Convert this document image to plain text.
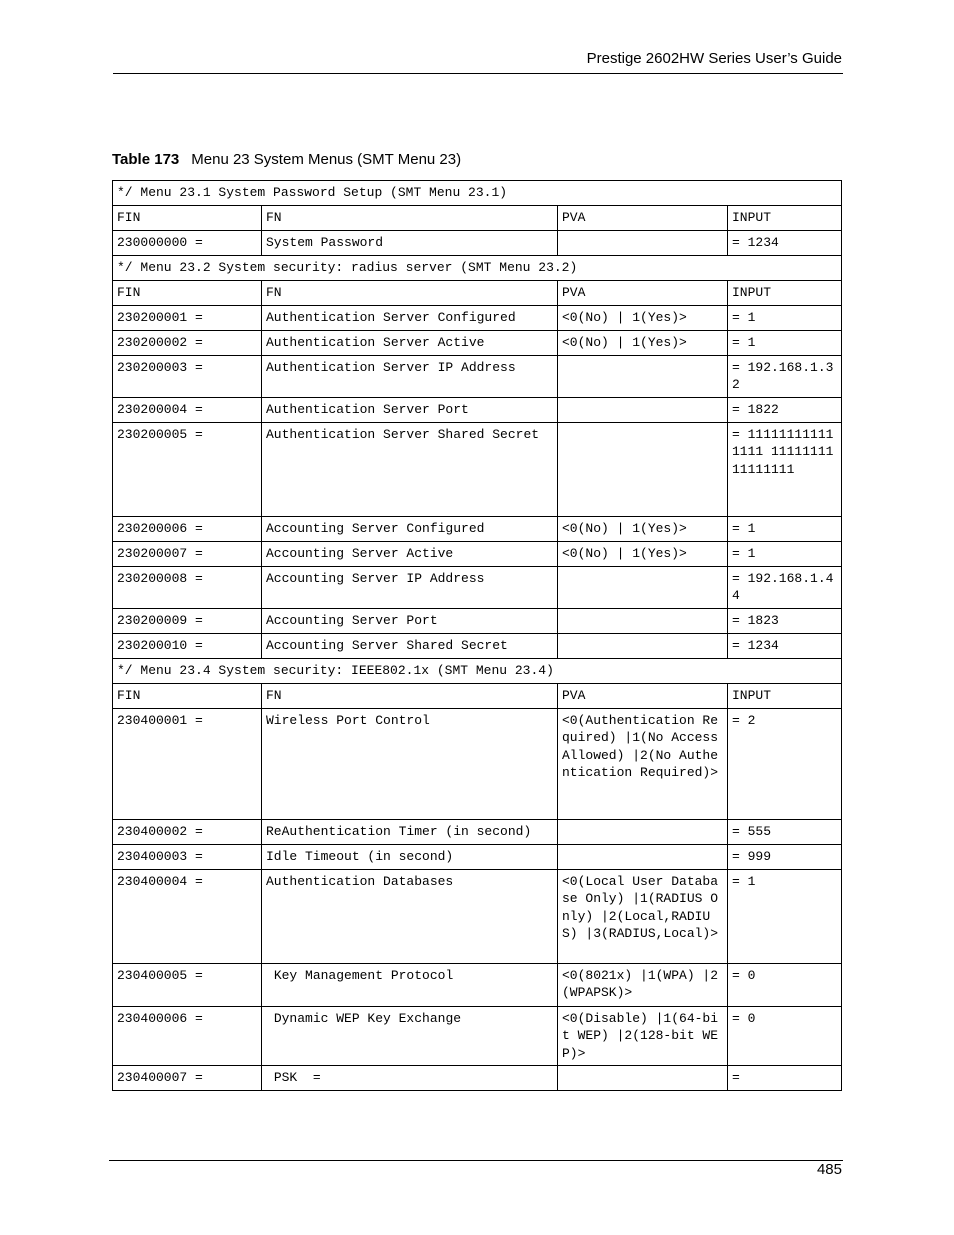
Prestige 2602HW Series User’s Guide
Table 173 Menu 23 System Menus (SMT Menu 23)
*/ Menu 23.1 System Password Setup (SMT Menu 23.1)			
FIN	FN	PVA	INPUT
230000000 =	System Password		= 1234
*/ Menu 23.2 System security: radius server (SMT Menu 23.2)			
FIN	FN	PVA	INPUT
230200001 =	Authentication Server Configured	<0(No) | 1(Yes)>	= 1
230200002 =	Authentication Server Active	<0(No) | 1(Yes)>	= 1
230200003 =	Authentication Server IP Address		= 192.168.1.32
230200004 =	Authentication Server Port		= 1822
230200005 =	Authentication Server Shared Secret		= 111111111111111 1111111111111111
230200006 =	Accounting Server Configured	<0(No) | 1(Yes)>	= 1
230200007 =	Accounting Server Active	<0(No) | 1(Yes)>	= 1
230200008 =	Accounting Server IP Address		= 192.168.1.44
230200009 =	Accounting Server Port		= 1823
230200010 =	Accounting Server Shared Secret		= 1234
*/ Menu 23.4 System security: IEEE802.1x (SMT Menu 23.4)			
FIN	FN	PVA	INPUT
230400001 =	Wireless Port Control	<0(Authentication Required) |1(No Access Allowed) |2(No Authentication Required)>	= 2
230400002 =	ReAuthentication Timer (in second)		= 555
230400003 =	Idle Timeout (in second)		= 999
230400004 =	Authentication Databases	<0(Local User Database Only) |1(RADIUS Only) |2(Local,RADIUS) |3(RADIUS,Local)>	= 1
230400005 =	Key Management Protocol	<0(8021x) |1(WPA) |2(WPAPSK)>	= 0
230400006 =	Dynamic WEP Key Exchange	<0(Disable) |1(64-bit WEP) |2(128-bit WEP)>	= 0
230400007 =	PSK  =		=
485
